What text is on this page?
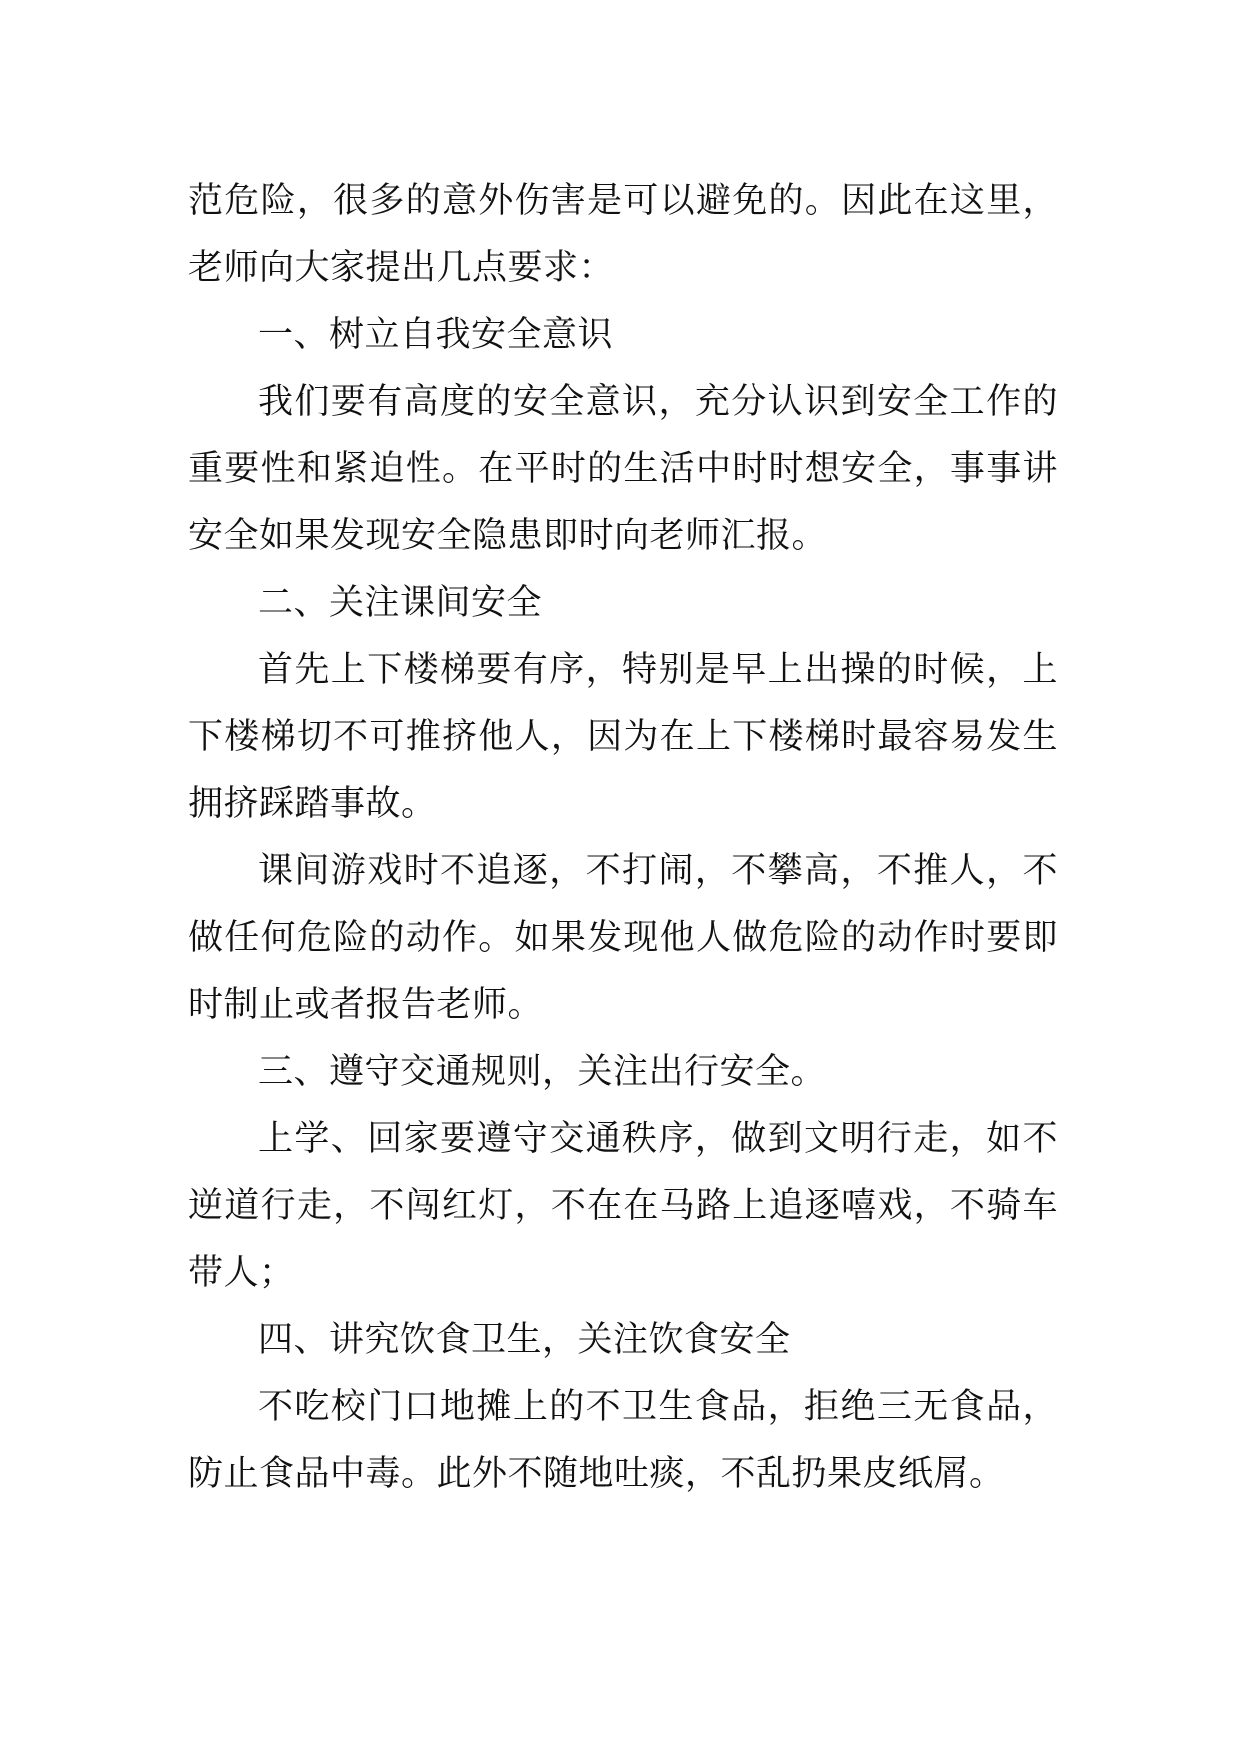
范危险，很多的意外伤害是可以避免的。因此在这里，老师向大家提出几点要求：

一、树立自我安全意识

我们要有高度的安全意识，充分认识到安全工作的重要性和紧迫性。在平时的生活中时时想安全，事事讲安全如果发现安全隐患即时向老师汇报。

二、关注课间安全

首先上下楼梯要有序，特别是早上出操的时候，上下楼梯切不可推挤他人，因为在上下楼梯时最容易发生拥挤踩踏事故。

课间游戏时不追逐，不打闹，不攀高，不推人，不做任何危险的动作。如果发现他人做危险的动作时要即时制止或者报告老师。

三、遵守交通规则，关注出行安全。

上学、回家要遵守交通秩序，做到文明行走，如不逆道行走，不闯红灯，不在在马路上追逐嘻戏，不骑车带人；

四、讲究饮食卫生，关注饮食安全

不吃校门口地摊上的不卫生食品，拒绝三无食品，防止食品中毒。此外不随地吐痰，不乱扔果皮纸屑。
